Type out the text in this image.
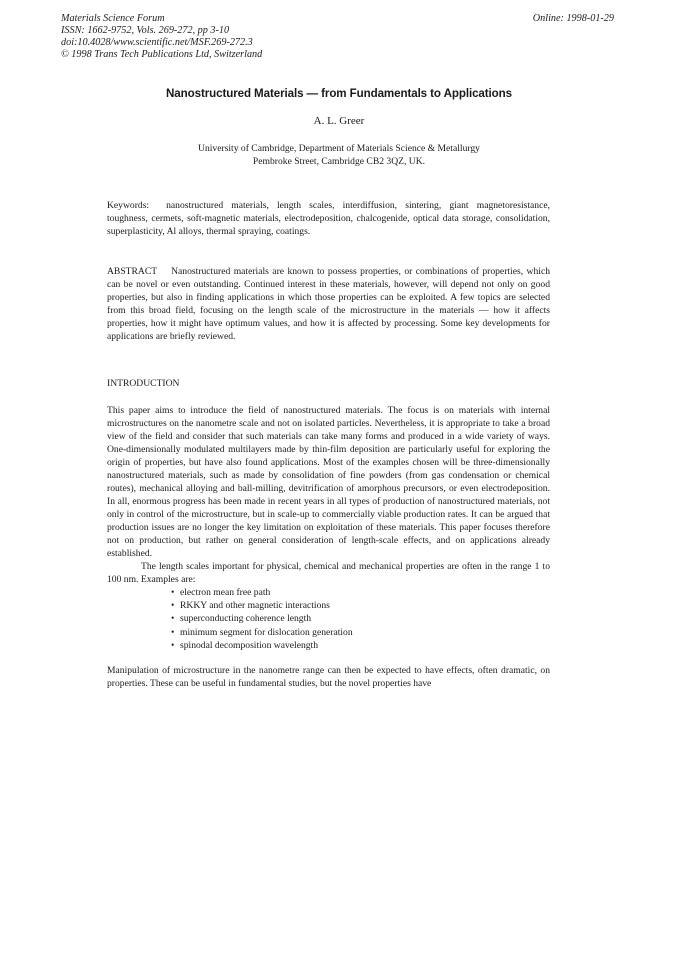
Materials Science Forum
ISSN: 1662-9752, Vols. 269-272, pp 3-10
doi:10.4028/www.scientific.net/MSF.269-272.3
© 1998 Trans Tech Publications Ltd, Switzerland
Online: 1998-01-29
Nanostructured Materials — from Fundamentals to Applications
A. L. Greer
University of Cambridge, Department of Materials Science & Metallurgy
Pembroke Street, Cambridge CB2 3QZ, UK.
Keywords: nanostructured materials, length scales, interdiffusion, sintering, giant magnetoresistance, toughness, cermets, soft-magnetic materials, electrodeposition, chalcogenide, optical data storage, consolidation, superplasticity, Al alloys, thermal spraying, coatings.
ABSTRACT Nanostructured materials are known to possess properties, or combinations of properties, which can be novel or even outstanding. Continued interest in these materials, however, will depend not only on good properties, but also in finding applications in which those properties can be exploited. A few topics are selected from this broad field, focusing on the length scale of the microstructure in the materials — how it affects properties, how it might have optimum values, and how it is affected by processing. Some key developments for applications are briefly reviewed.
INTRODUCTION

This paper aims to introduce the field of nanostructured materials. The focus is on materials with internal microstructures on the nanometre scale and not on isolated particles. Nevertheless, it is appropriate to take a broad view of the field and consider that such materials can take many forms and produced in a wide variety of ways. One-dimensionally modulated multilayers made by thin-film deposition are particularly useful for exploring the origin of properties, but have also found applications. Most of the examples chosen will be three-dimensionally nanostructured materials, such as made by consolidation of fine powders (from gas condensation or chemical routes), mechanical alloying and ball-milling, devitrification of amorphous precursors, or even electrodeposition. In all, enormous progress has been made in recent years in all types of production of nanostructured materials, not only in control of the microstructure, but in scale-up to commercially viable production rates. It can be argued that production issues are no longer the key limitation on exploitation of these materials. This paper focuses therefore not on production, but rather on general consideration of length-scale effects, and on applications already established.

The length scales important for physical, chemical and mechanical properties are often in the range 1 to 100 nm. Examples are:

• electron mean free path
• RKKY and other magnetic interactions
• superconducting coherence length
• minimum segment for dislocation generation
• spinodal decomposition wavelength

Manipulation of microstructure in the nanometre range can then be expected to have effects, often dramatic, on properties. These can be useful in fundamental studies, but the novel properties have
